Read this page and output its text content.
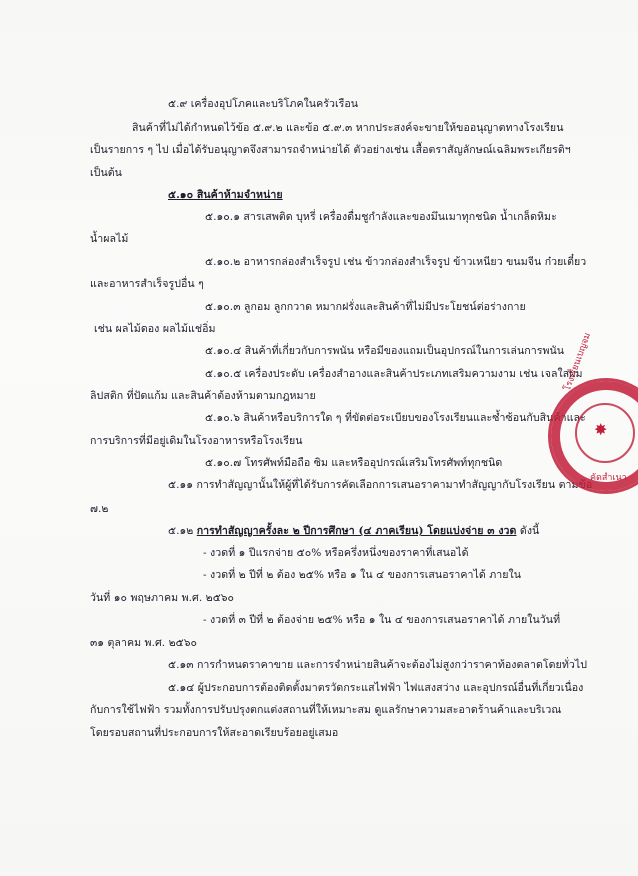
๕.๙ เครื่องอุปโภคและบริโภคในครัวเรือน
สินค้าที่ไม่ได้กำหนดไว้ข้อ ๕.๙.๒ และข้อ ๕.๙.๓ หากประสงค์จะขายให้ขออนุญาตทางโรงเรียน
เป็นรายการ ๆ ไป เมื่อได้รับอนุญาตจึงสามารถจำหน่ายได้ ตัวอย่างเช่น เสื้อตราสัญลักษณ์เฉลิมพระเกียรติฯ
เป็นต้น
๕.๑๐ สินค้าห้ามจำหน่าย
๕.๑๐.๑ สารเสพติด บุหรี่ เครื่องดื่มชูกำลังและของมึนเมาทุกชนิด น้ำเกล็ดหิมะ
น้ำผลไม้
๕.๑๐.๒ อาหารกล่องสำเร็จรูป เช่น ข้าวกล่องสำเร็จรูป ข้าวเหนียว ขนมจีน ก๋วยเตี๋ยว
และอาหารสำเร็จรูปอื่น ๆ
๕.๑๐.๓ ลูกอม ลูกกวาด หมากฝรั่งและสินค้าที่ไม่มีประโยชน์ต่อร่างกาย
เช่น ผลไม้ดอง ผลไม้แช่อิ่ม
๕.๑๐.๔ สินค้าที่เกี่ยวกับการพนัน หรือมีของแถมเป็นอุปกรณ์ในการเล่นการพนัน
๕.๑๐.๕ เครื่องประดับ เครื่องสำอางและสินค้าประเภทเสริมความงาม เช่น เจลใส่ผม
ลิปสติก ที่ปัดแก้ม และสินค้าต้องห้ามตามกฎหมาย
๕.๑๐.๖ สินค้าหรือบริการใด ๆ ที่ขัดต่อระเบียบของโรงเรียนและซ้ำซ้อนกับสินค้าและ
การบริการที่มีอยู่เดิมในโรงอาหารหรือโรงเรียน
๕.๑๐.๗ โทรศัพท์มือถือ ซิม และหรืออุปกรณ์เสริมโทรศัพท์ทุกชนิด
๕.๑๑ การทำสัญญานั้นให้ผู้ที่ได้รับการคัดเลือกการเสนอราคามาทำสัญญากับโรงเรียน ตามข้อ
๗.๒
๕.๑๒ การทำสัญญาครั้งละ ๒ ปีการศึกษา (๔ ภาคเรียน) โดยแบ่งจ่าย ๓ งวด ดังนี้
- งวดที่ ๑ ปีแรกจ่าย ๕๐% หรือครึ่งหนึ่งของราคาที่เสนอได้
- งวดที่ ๒ ปีที่ ๒ ต้อง ๒๕% หรือ ๑ ใน ๔ ของการเสนอราคาได้ ภายใน
วันที่ ๑๐ พฤษภาคม พ.ศ. ๒๕๖๐
- งวดที่ ๓ ปีที่ ๒ ต้องจ่าย ๒๕% หรือ ๑ ใน ๔ ของการเสนอราคาได้ ภายในวันที่
๓๑ ตุลาคม พ.ศ. ๒๕๖๐
๕.๑๓ การกำหนดราคาขาย และการจำหน่ายสินค้าจะต้องไม่สูงกว่าราคาท้องตลาดโดยทั่วไป
๕.๑๔ ผู้ประกอบการต้องติดตั้งมาตรวัดกระแสไฟฟ้า ไฟแสงสว่าง และอุปกรณ์อื่นที่เกี่ยวเนื่อง
กับการใช้ไฟฟ้า รวมทั้งการปรับปรุงตกแต่งสถานที่ให้เหมาะสม ดูแลรักษาความสะอาดร้านค้าและบริเวณ
โดยรอบสถานที่ประกอบการให้สะอาดเรียบร้อยอยู่เสมอ
✸
โรงเรียนเบญจม
คัดสำเนา
